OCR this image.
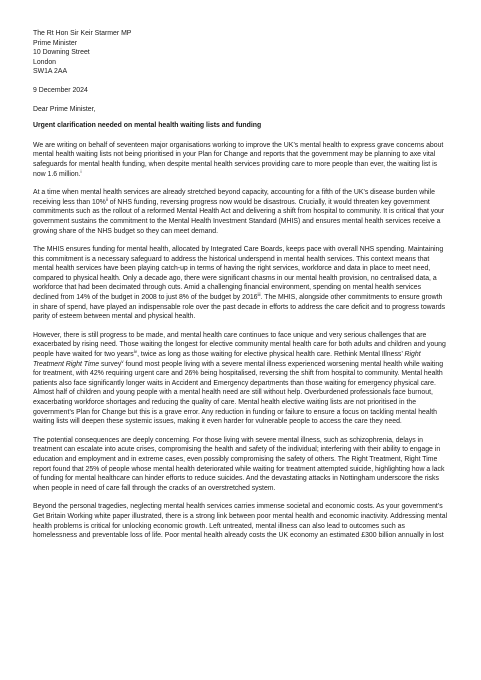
The Rt Hon Sir Keir Starmer MP
Prime Minister
10 Downing Street
London
SW1A 2AA
9 December 2024
Dear Prime Minister,
Urgent clarification needed on mental health waiting lists and funding

We are writing on behalf of seventeen major organisations working to improve the UK’s mental health to express grave concerns about mental health waiting lists not being prioritised in your Plan for Change and reports that the government may be planning to axe vital safeguards for mental health funding, when despite mental health services providing care to more people than ever, the waiting list is now 1.6 million.$^i$

At a time when mental health services are already stretched beyond capacity, accounting for a fifth of the UK’s disease burden while receiving less than 10%$^{ii}$ of NHS funding, reversing progress now would be disastrous. Crucially, it would threaten key government commitments such as the rollout of a reformed Mental Health Act and delivering a shift from hospital to community. It is critical that your government sustains the commitment to the Mental Health Investment Standard (MHIS) and ensures mental health services receive a growing share of the NHS budget so they can meet demand.

The MHIS ensures funding for mental health, allocated by Integrated Care Boards, keeps pace with overall NHS spending. Maintaining this commitment is a necessary safeguard to address the historical underspend in mental health services. This context means that mental health services have been playing catch-up in terms of having the right services, workforce and data in place to meet need, compared to physical health. Only a decade ago, there were significant chasms in our mental health provision, no centralised data, a workforce that had been decimated through cuts. Amid a challenging financial environment, spending on mental health services declined from 14% of the budget in 2008 to just 8% of the budget by 2016$^{iii}$. The MHIS, alongside other commitments to ensure growth in share of spend, have played an indispensable role over the past decade in efforts to address the care deficit and to progress towards parity of esteem between mental and physical health.

However, there is still progress to be made, and mental health care continues to face unique and very serious challenges that are exacerbated by rising need. Those waiting the longest for elective community mental health care for both adults and children and young people have waited for two years$^{iv}$, twice as long as those waiting for elective physical health care. Rethink Mental Illness’ Right Treatment Right Time survey$^v$ found most people living with a severe mental illness experienced worsening mental health while waiting for treatment, with 42% requiring urgent care and 26% being hospitalised, reversing the shift from hospital to community. Mental health patients also face significantly longer waits in Accident and Emergency departments than those waiting for emergency physical care. Almost half of children and young people with a mental health need are still without help. Overburdened professionals face burnout, exacerbating workforce shortages and reducing the quality of care. Mental health elective waiting lists are not prioritised in the government’s Plan for Change but this is a grave error. Any reduction in funding or failure to ensure a focus on tackling mental health waiting lists will deepen these systemic issues, making it even harder for vulnerable people to access the care they need.

The potential consequences are deeply concerning. For those living with severe mental illness, such as schizophrenia, delays in treatment can escalate into acute crises, compromising the health and safety of the individual; interfering with their ability to engage in education and employment and in extreme cases, even possibly compromising the safety of others. The Right Treatment, Right Time report found that 25% of people whose mental health deteriorated while waiting for treatment attempted suicide, highlighting how a lack of funding for mental healthcare can hinder efforts to reduce suicides. And the devastating attacks in Nottingham underscore the risks when people in need of care fall through the cracks of an overstretched system.

Beyond the personal tragedies, neglecting mental health services carries immense societal and economic costs. As your government’s Get Britain Working white paper illustrated, there is a strong link between poor mental health and economic inactivity. Addressing mental health problems is critical for unlocking economic growth. Left untreated, mental illness can also lead to outcomes such as homelessness and preventable loss of life. Poor mental health already costs the UK economy an estimated £300 billion annually in lost
